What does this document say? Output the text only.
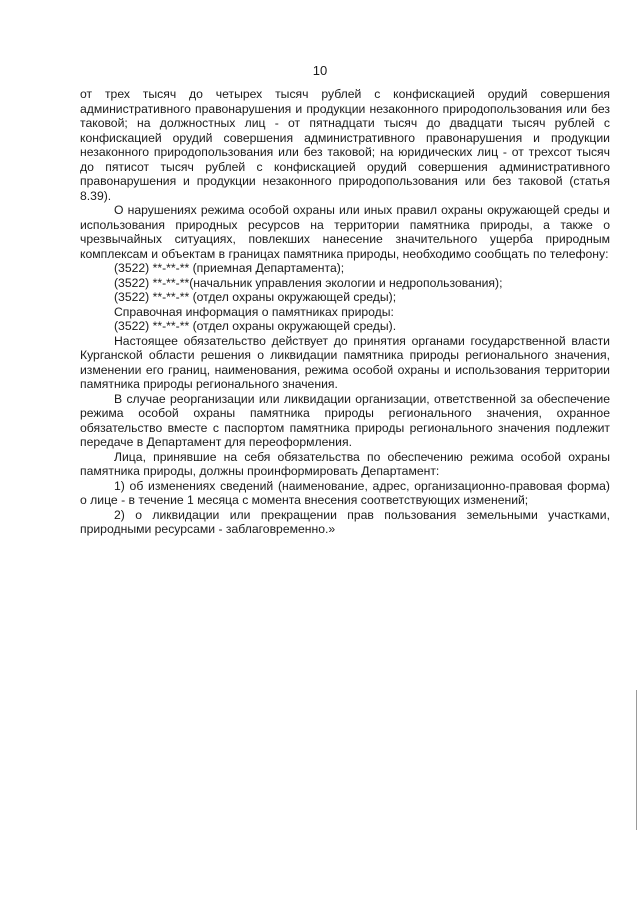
10

от трех тысяч до четырех тысяч рублей с конфискацией орудий совершения административного правонарушения и продукции незаконного природопользования или без таковой; на должностных лиц - от пятнадцати тысяч до двадцати тысяч рублей с конфискацией орудий совершения административного правонарушения и продукции незаконного природопользования или без таковой; на юридических лиц - от трехсот тысяч до пятисот тысяч рублей с конфискацией орудий совершения административного правонарушения и продукции незаконного природопользования или без таковой (статья 8.39).

О нарушениях режима особой охраны или иных правил охраны окружающей среды и использования природных ресурсов на территории памятника природы, а также о чрезвычайных ситуациях, повлекших нанесение значительного ущерба природным комплексам и объектам в границах памятника природы, необходимо сообщать по телефону:

(3522) **-**-** (приемная Департамента);

(3522) **-**-**(начальник управления экологии и недропользования);

(3522) **-**-** (отдел охраны окружающей среды);

Справочная информация о памятниках природы:

(3522) **-**-** (отдел охраны окружающей среды).

Настоящее обязательство действует до принятия органами государственной власти Курганской области решения о ликвидации памятника природы регионального значения, изменении его границ, наименования, режима особой охраны и использования территории памятника природы регионального значения.

В случае реорганизации или ликвидации организации, ответственной за обеспечение режима особой охраны памятника природы регионального значения, охранное обязательство вместе с паспортом памятника природы регионального значения подлежит передаче в Департамент для переоформления.

Лица, принявшие на себя обязательства по обеспечению режима особой охраны памятника природы, должны проинформировать Департамент:

1) об изменениях сведений (наименование, адрес, организационно-правовая форма) о лице - в течение 1 месяца с момента внесения соответствующих изменений;

2) о ликвидации или прекращении прав пользования земельными участками, природными ресурсами - заблаговременно.»
